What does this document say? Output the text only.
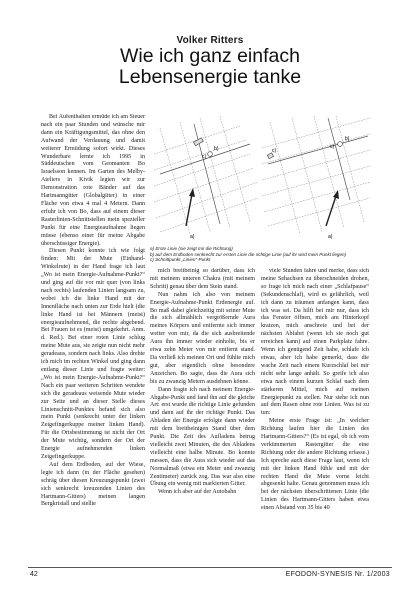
Volker Ritters
Wie ich ganz einfach
Lebensenergie tanke

Bei Aufenthalten ermüde ich am Steuer nach ein paar Stunden und wünsche mir dann ein Kräftigungsmittel, das ohne den Aufwand der Verdauung und damit weiterer Ermüdung sofort wirkt. Dieses Wunderbare lernte ich 1995 in Süddeutschen vom Geomanten Bo Israelsson kennen. Im Garten des Melby-Ateliers in Kivik legten wir zur Demonstration rote Bänder auf das Hartmanngitter (Globalgitter) in einer Fläche von etwa 4 mal 4 Metern. Dann erfuhr ich von Bo, dass auf einem dieser Rasterlinien-Schnittstellen mein spezieller Punkt für eine Energieaufnahme liegen müsse (ebenso einer für meine Abgabe überschüssiger Energie).

Diesen Punkt konnte ich wie folgt finden: Mit der Mute (Einhand-Winkelrute) in der Hand frage ich laut „Wo ist mein Energie-Aufnahme-Punkt?“ und ging auf die vor mir quer (von links nach rechts) laufenden Linien langsam zu, wobei ich die linke Hand mit der Innenfläche nach unten zur Erde hielt (die linke Hand ist bei Männern (meist) energieaufnehmend, die rechte abgebend. Bei Frauen ist es (meist) umgekehrt. Anm. d. Red.). Bei einer roten Linie schlug meine Mute aus, sie zeigte nun nicht mehr geradeaus, sondern nach links. Also drehte ich mich im rechten Winkel und ging dann entlang dieser Linie und fragte weiter: „Wo ist mein Energie-Aufnahme-Punkt?“ Nach ein paar weiteren Schritten wendete sich die geradeaus weisende Mute wieder zur Seite und an dieser Stelle dieses Linienschnitt-Punktes befand sich also mein Punkt (senkrecht unter der linken Zeigefingerkuppe meiner linken Hand). Für die Ortsbestimmung ist nicht der Ort der Mute wichtig, sondern der Ort der Energie aufnehmenden linken Zeigefingerkuppe.

Auf dem Erdboden, auf der Wiese, legte ich dann (in der Fläche gesehen) schräg über diesen Kreuzungspunkt (zwei sich senkrecht kreuzenden Linien des Hartmann-Gitters) meinen langen Bergkristall und stellte

a)
b)
c)
c)
b)
c)
a)
a) Erste Linie (sie zeigt mir die Richtung)
b) auf dem Erdboden senkrecht zur ersten Linie die richtige Linie (auf ihr wird mein Punkt liegen)
c) Schnittpunkt „Linien“-Punkt

mich breitbeinig so darüber, dass ich mit meinem unteren Chakra (mit meinem Schritt) genau über dem Stein stand.

Nun nahm ich also von meinem Energie-Aufnahme-Punkt Erdenergie auf. Bo maß dabei gleichzeitig mit seiner Mute die sich allmählich vergrößernde Aura meines Körpers und entfernte sich immer weiter von mir, da die sich ausbreitende Aura ihn immer wieder einholte, bis er etwa zehn Meter von mir entfernt stand. Da verließ ich meinen Ort und fühlte mich gut, aber eigentlich ohne besondere Anzeichen. Bo sagte, dass die Aura sich bis zu zwanzig Metern ausdehnen könne.

Dann fragte ich nach meinem Energie-Abgabe-Punkt und fand ihn auf die gleiche Art: erst wurde die richtige Linie gefunden und dann auf ihr der richtige Punkt. Das Abladen der Energie erfolgte dann wieder mit dem breitbeinigen Stand über dem Punkt. Die Zeit des Aufladens betrug vielleicht zwei Minuten, die des Abladens vielleicht eine halbe Minute. Bo konnte messen, dass die Aura sich wieder auf das Normalmaß (etwa ein Meter und zwanzig Zentimeter) zurück zog. Das war also eine Übung ein wenig mit markierten Gitter.

Wenn ich aber auf der Autobahn

viele Stunden fahre und merke, dass sich meine Sehachsen zu überschneiden drohen, so frage ich mich nach einer „Schlafpause“ (Sekundenschlaf), wird es gefährlich, weil ich dann zu träumen anfangen kann, dass ich was sei. Da hilft bei mir nur, dass ich das Fenster öffnen, mich am Hinterkopf kratzen, mich anschreie und bei der nächsten Abfahrt (wenn ich sie noch gut erreichen kann) auf einen Parkplatz fahre. Wenn ich genügend Zeit habe, schlafe ich etwas, aber ich habe gemerkt, dass die wache Zeit nach einem Kurzschlaf bei mir nicht sehr lange anhält. So greife ich also etwa nach einem kurzen Schlaf nach dem stärkeren Mittel, mich auf meinen Energiepunkt zu stellen. Nur stehe ich nun auf dem Rasen ohne rote Linien. Was ist zu tun:

Meine erste Frage ist: „In welcher Richtung laufen hier die Linien des Hartmann-Gitters?“ (Es ist egal, ob ich vom verkümmerten Rastergitter die eine Richtung oder die andere Richtung erfasse.) Ich spreche auch diese Frage laut, wenn ich mit der linken Hand fühle und mit der rechten Hand die Mute vorne leicht abgesenkt halte. Genau genommen muss ich bei der nächsten überschrittenen Linie (die Linien des Hartmann-Gitters haben etwa einen Abstand von 35 bis 40

42	EFODON-SYNESIS Nr. 1/2003
